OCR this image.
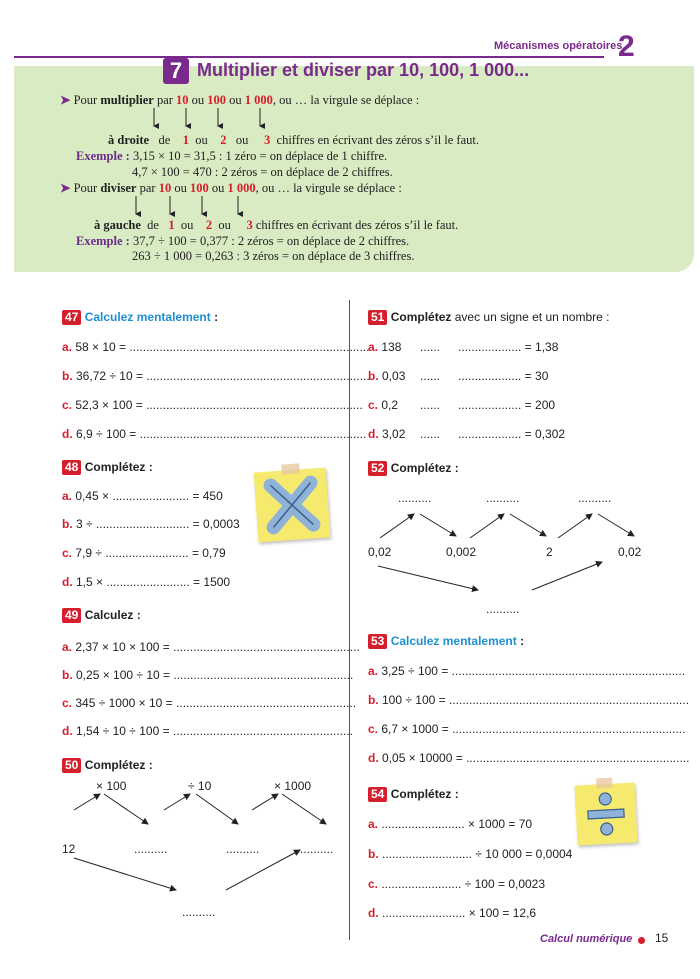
Mécanismes opératoires
2
7 Multiplier et diviser par 10, 100, 1 000...
➤ Pour multiplier par 10 ou 100 ou 1 000, ou … la virgule se déplace :
à droite de 1 ou 2 ou 3 chiffres en écrivant des zéros s’il le faut.
Exemple : 3,15 × 10 = 31,5 : 1 zéro = on déplace de 1 chiffre.
4,7 × 100 = 470 : 2 zéros = on déplace de 2 chiffres.
➤ Pour diviser par 10 ou 100 ou 1 000, ou … la virgule se déplace :
à gauche de 1 ou 2 ou 3 chiffres en écrivant des zéros s’il le faut.
Exemple : 37,7 ÷ 100 = 0,377 : 2 zéros = on déplace de 2 chiffres.
263 ÷ 1 000 = 0,263 : 3 zéros = on déplace de 3 chiffres.
47 Calculez mentalement :
a. 58 × 10 = ........................................................................
b. 36,72 ÷ 10 = ...................................................................
c. 52,3 × 100 = .................................................................
d. 6,9 ÷ 100 = ....................................................................
48 Complétez :
a. 0,45 × ....................... = 450
b. 3 ÷ ............................ = 0,0003
c. 7,9 ÷ ......................... = 0,79
d. 1,5 × ......................... = 1500
49 Calculez :
a. 2,37 × 10 × 100 = ........................................................
b. 0,25 × 100 ÷ 10 = ......................................................
c. 345 ÷ 1000 × 10 = ......................................................
d. 1,54 ÷ 10 ÷ 100 = ......................................................
50 Complétez :
× 100	÷ 10	× 1000
12	..........	..........	..........
..........
51 Complétez avec un signe et un nombre :
a. 138 ...... ................... = 1,38
b. 0,03 ...... ................... = 30
c. 0,2 ...... ................... = 200
d. 3,02 ...... ................... = 0,302
52 Complétez :
..........	..........	..........
0,02	0,002	2	0,02
..........
53 Calculez mentalement :
a. 3,25 ÷ 100 = ......................................................................
b. 100 ÷ 100 = ........................................................................
c. 6,7 × 1000 = ......................................................................
d. 0,05 × 10000 = ...................................................................
54 Complétez :
a. ......................... × 1000 = 70
b. ........................... ÷ 10 000 = 0,0004
c. ........................ ÷ 100 = 0,0023
d. ......................... × 100 = 12,6
Calcul numérique 15
